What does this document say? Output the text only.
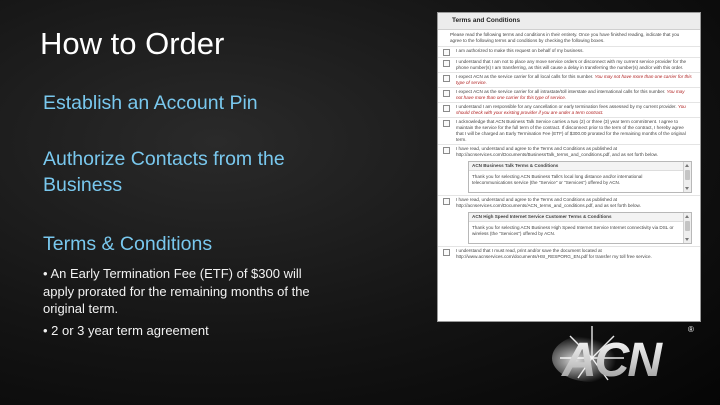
How to Order
Establish an Account Pin
Authorize Contacts from the Business
Terms & Conditions
• An Early Termination Fee (ETF) of $300 will apply prorated for the remaining months of the original term.
• 2 or 3 year term agreement
Terms and Conditions
Please read the following terms and conditions in their entirety. Once you have finished reading, indicate that you agree to the following terms and conditions by checking the following boxes.
I am authorized to make this request on behalf of my business.
I understand that I am not to place any move service orders or disconnect with my current service provider for the phone number(s) I am transferring, as this will cause a delay in transferring the number(s) and/or with this order.
I expect ACN as the service carrier for all local calls for this number. You may not have more than one carrier for this type of service.
I expect ACN as the service carrier for all intrastate/toll interstate and international calls for this number. You may not have more than one carrier for this type of service.
I understand I am responsible for any cancellation or early termination fees assessed by my current provider. You should check with your existing provider if you are under a term contract.
I acknowledge that ACN Business Talk Service carries a two (2) or three (3) year term commitment. I agree to maintain the service for the full term of the contract. If disconnect prior to the term of the contract, I hereby agree that I will be charged an Early Termination Fee (ETF) of $300.00 prorated for the remaining months of the original term.
I have read, understand and agree to the Terms and Conditions as published at http://acnservices.com/Documents/BusinessTalk_terms_and_conditions.pdf, and as set forth below.
ACN Business Talk Terms & Conditions
Thank you for selecting ACN Business Talk's local long distance and/or international telecommunications service (the "Service" or "Services") offered by ACN.
I have read, understand and agree to the Terms and Conditions as published at http://acnservices.com/Documents/ACN_terms_and_conditions.pdf, and as set forth below.
ACN High Speed Internet Service Customer Terms & Conditions
Thank you for selecting ACN Business High Speed Internet Service Internet connectivity via DSL or wireless (the "Services") offered by ACN.
I understand that I must read, print and/or save the document located at http://www.acnservices.com/documents/HSI_RESPORG_EN.pdf for transfer my toll free service.
ACN
®
